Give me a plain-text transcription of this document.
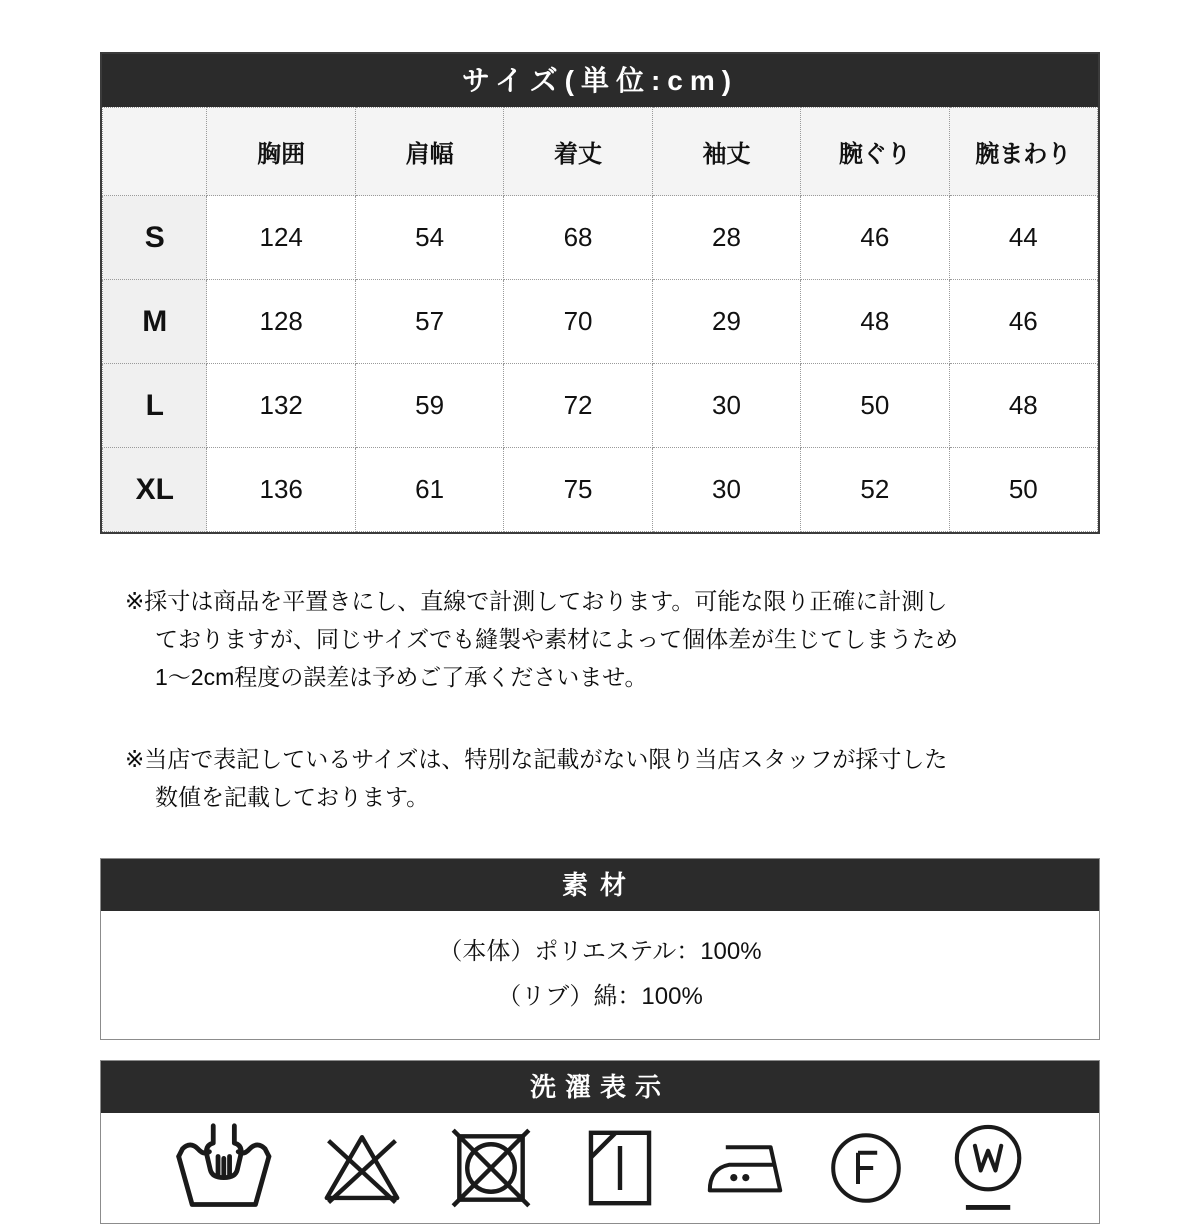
サイズ(単位:cm)
	胸囲	肩幅	着丈	袖丈	腕ぐり	腕まわり
S	124	54	68	28	46	44
M	128	57	70	29	48	46
L	132	59	72	30	50	48
XL	136	61	75	30	52	50
※採寸は商品を平置きにし、直線で計測しております。可能な限り正確に計測し
ておりますが、同じサイズでも縫製や素材によって個体差が生じてしまうため
1〜2cm程度の誤差は予めご了承くださいませ。
※当店で表記しているサイズは、特別な記載がない限り当店スタッフが採寸した
数値を記載しております。
素材
（本体）ポリエステル：100%
（リブ）綿：100%
洗濯表示
